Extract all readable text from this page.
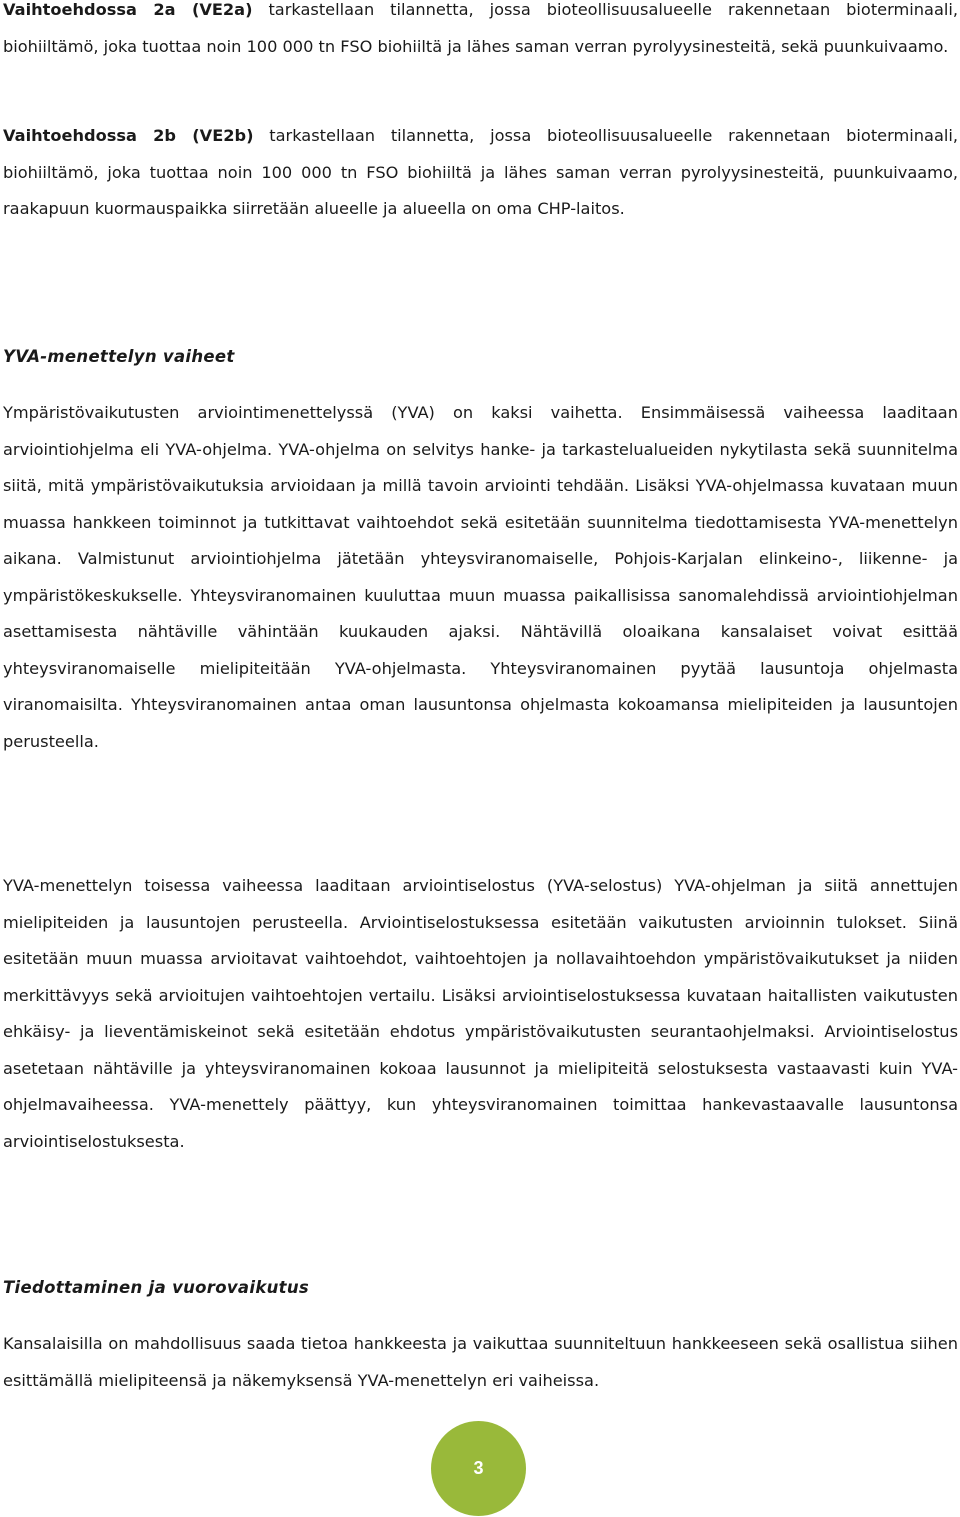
Vaihtoehdossa 2a (VE2a) tarkastellaan tilannetta, jossa bioteollisuusalueelle rakennetaan bioterminaali, biohiiltämö, joka tuottaa noin 100 000 tn FSO biohiiltä ja lähes saman verran pyrolyysinesteitä, sekä puunkuivaamo.

Vaihtoehdossa 2b (VE2b) tarkastellaan tilannetta, jossa bioteollisuusalueelle rakennetaan bioterminaali, biohiiltämö, joka tuottaa noin 100 000 tn FSO biohiiltä ja lähes saman verran pyrolyysinesteitä, puunkuivaamo, raakapuun kuormauspaikka siirretään alueelle ja alueella on oma CHP-laitos.

YVA-menettelyn vaiheet

Ympäristövaikutusten arviointimenettelyssä (YVA) on kaksi vaihetta. Ensimmäisessä vaiheessa laaditaan arviointiohjelma eli YVA-ohjelma. YVA-ohjelma on selvitys hanke- ja tarkastelualueiden nykytilasta sekä suunnitelma siitä, mitä ympäristövaikutuksia arvioidaan ja millä tavoin arviointi tehdään. Lisäksi YVA-ohjelmassa kuvataan muun muassa hankkeen toiminnot ja tutkittavat vaihtoehdot sekä esitetään suunnitelma tiedottamisesta YVA-menettelyn aikana. Valmistunut arviointiohjelma jätetään yhteysviranomaiselle, Pohjois-Karjalan elinkeino-, liikenne- ja ympäristökeskukselle. Yhteysviranomainen kuuluttaa muun muassa paikallisissa sanomalehdissä arviointiohjelman asettamisesta nähtäville vähintään kuukauden ajaksi. Nähtävillä oloaikana kansalaiset voivat esittää yhteysviranomaiselle mielipiteitään YVA-ohjelmasta. Yhteysviranomainen pyytää lausuntoja ohjelmasta viranomaisilta. Yhteysviranomainen antaa oman lausuntonsa ohjelmasta kokoamansa mielipiteiden ja lausuntojen perusteella.

YVA-menettelyn toisessa vaiheessa laaditaan arviointiselostus (YVA-selostus) YVA-ohjelman ja siitä annettujen mielipiteiden ja lausuntojen perusteella. Arviointiselostuksessa esitetään vaikutusten arvioinnin tulokset. Siinä esitetään muun muassa arvioitavat vaihtoehdot, vaihtoehtojen ja nollavaihtoehdon ympäristövaikutukset ja niiden merkittävyys sekä arvioitujen vaihtoehtojen vertailu. Lisäksi arviointiselostuksessa kuvataan haitallisten vaikutusten ehkäisy- ja lieventämiskeinot sekä esitetään ehdotus ympäristövaikutusten seurantaohjelmaksi. Arviointiselostus asetetaan nähtäville ja yhteysviranomainen kokoaa lausunnot ja mielipiteitä selostuksesta vastaavasti kuin YVA-ohjelmavaiheessa. YVA-menettely päättyy, kun yhteysviranomainen toimittaa hankevastaavalle lausuntonsa arviointiselostuksesta.

Tiedottaminen ja vuorovaikutus

Kansalaisilla on mahdollisuus saada tietoa hankkeesta ja vaikuttaa suunniteltuun hankkeeseen sekä osallistua siihen esittämällä mielipiteensä ja näkemyksensä YVA-menettelyn eri vaiheissa.

3
